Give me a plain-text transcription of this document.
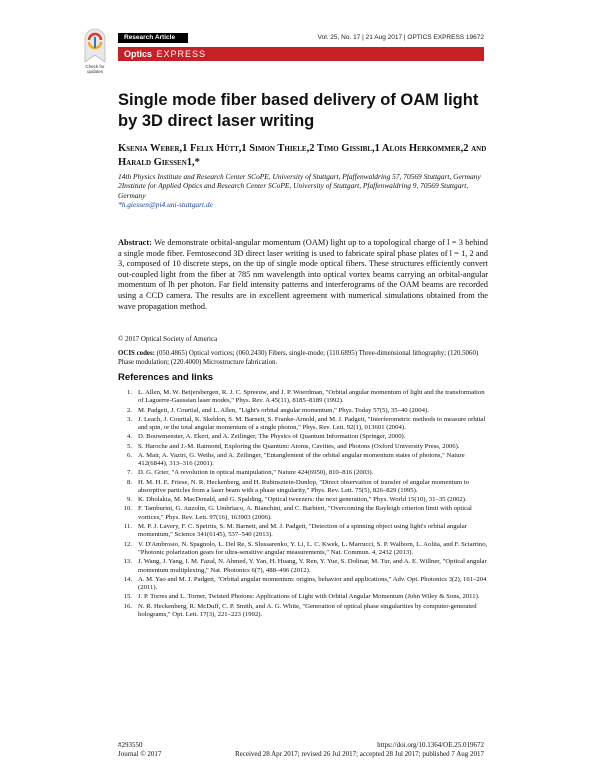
Check for updates
Research Article	Vol. 25, No. 17 | 21 Aug 2017 | OPTICS EXPRESS 19672
Optics EXPRESS
Single mode fiber based delivery of OAM light by 3D direct laser writing
Ksenia Weber,1 Felix Hütt,1 Simon Thiele,2 Timo Gissibl,1 Alois Herkommer,2 and Harald Giessen1,*

14th Physics Institute and Research Center SCoPE, University of Stuttgart, Pfaffenwaldring 57, 70569 Stuttgart, Germany

2Institute for Applied Optics and Research Center SCoPE, University of Stuttgart, Pfaffenwaldring 9, 70569 Stuttgart, Germany

*h.giessen@pi4.uni-stuttgart.de

Abstract: We demonstrate orbital-angular momentum (OAM) light up to a topological charge of l = 3 behind a single mode fiber. Femtosecond 3D direct laser writing is used to fabricate spiral phase plates of l = 1, 2 and 3, composed of 10 discrete steps, on the tip of single mode optical fibers. These structures efficiently convert out-coupled light from the fiber at 785 nm wavelength into optical vortex beams carrying an orbital-angular momentum of lħ per photon. Far field intensity patterns and interferograms of the OAM beams are recorded using a CCD camera. The results are in excellent agreement with numerical simulations obtained from the wave propagation method.
© 2017 Optical Society of America
OCIS codes: (050.4865) Optical vortices; (060.2430) Fibers, single-mode; (110.6895) Three-dimensional lithography; (120.5060) Phase modulation; (220.4000) Microstructure fabrication.
References and links
1. L. Allen, M. W. Beijersbergen, R. J. C. Spreeuw, and J. P. Woerdman, "Orbital angular momentum of light and the transformation of Laguerre-Gaussian laser modes," Phys. Rev. A 45(11), 8185–8189 (1992).
2. M. Padgett, J. Courtial, and L. Allen, "Light's orbital angular momentum," Phys. Today 57(5), 35–40 (2004).
3. J. Leach, J. Courtial, K. Skeldon, S. M. Barnett, S. Franke-Arnold, and M. J. Padgett, "Interferometric methods to measure orbital and spin, or the total angular momentum of a single photon," Phys. Rev. Lett. 92(1), 013601 (2004).
4. D. Bouwmeester, A. Ekert, and A. Zeilinger, The Physics of Quantum Information (Springer, 2000).
5. S. Haroche and J.-M. Raimond, Exploring the Quantum: Atoms, Cavities, and Photons (Oxford University Press, 2006).
6. A. Mair, A. Vaziri, G. Weihs, and A. Zeilinger, "Entanglement of the orbital angular momentum states of photons," Nature 412(6844), 313–316 (2001).
7. D. G. Grier, "A revolution in optical manipulation," Nature 424(6950), 810–816 (2003).
8. H. M. H. E. Friese, N. R. Heckenberg, and H. Rubinsztein-Dunlop, "Direct observation of transfer of angular momentum to absorptive particles from a laser beam with a phase singularity," Phys. Rev. Lett. 75(5), 826–829 (1995).
9. K. Dholakia, M. MacDonald, and G. Spalding, "Optical tweezers: the next generation," Phys. World 15(10), 31–35 (2002).
10. F. Tamburini, G. Anzolin, G. Umbriaco, A. Bianchini, and C. Barbieri, "Overcoming the Rayleigh criterion limit with optical vortices," Phys. Rev. Lett. 97(16), 163903 (2006).
11. M. P. J. Lavery, F. C. Speirits, S. M. Barnett, and M. J. Padgett, "Detection of a spinning object using light's orbital angular momentum," Science 341(6145), 537–540 (2013).
12. V. D'Ambrosio, N. Spagnolo, L. Del Re, S. Slussarenko, Y. Li, L. C. Kwek, L. Marrucci, S. P. Walborn, L. Aolita, and F. Sciarrino, "Photonic polarization gears for ultra-sensitive angular measurements," Nat. Commun. 4, 2432 (2013).
13. J. Wang, J. Yang, I. M. Fazal, N. Ahmed, Y. Yan, H. Huang, Y. Ren, Y. Yue, S. Dolinar, M. Tur, and A. E. Willner, "Optical angular momentum multiplexing," Nat. Photonics 6(7), 488–496 (2012).
14. A. M. Yao and M. J. Padgett, "Orbital angular momentum: origins, behavior and applications," Adv. Opt. Photonics 3(2), 161–204 (2011).
15. J. P. Torres and L. Torner, Twisted Photons: Applications of Light with Orbital Angular Momentum (John Wiley & Sons, 2011).
16. N. R. Heckenberg, R. McDuff, C. P. Smith, and A. G. White, "Generation of optical phase singularities by computer-generated holograms," Opt. Lett. 17(3), 221–223 (1992).
#293550
Journal © 2017
https://doi.org/10.1364/OE.25.019672
Received 28 Apr 2017; revised 26 Jul 2017; accepted 28 Jul 2017; published 7 Aug 2017
